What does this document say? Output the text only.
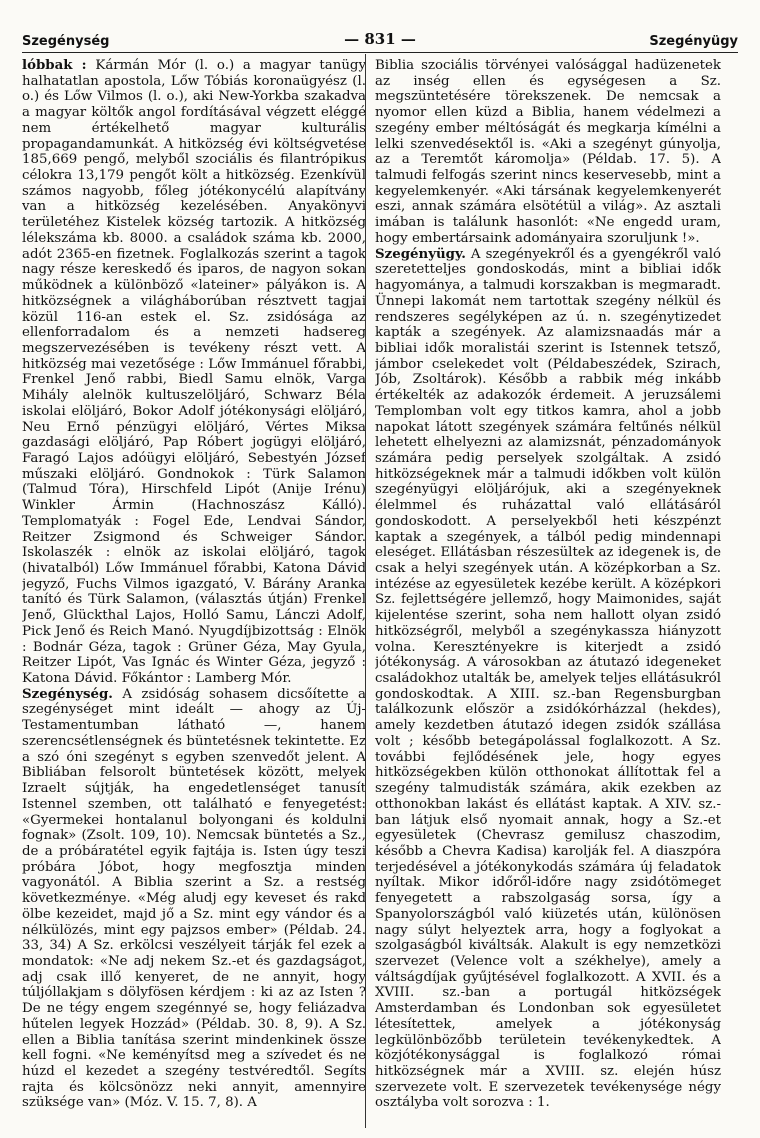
Szegénység	— 831 —	Szegényügy

lóbbak : Kármán Mór (l. o.) a magyar tanügy halhatatlan apostola, Lőw Tóbiás koronaügyész (l. o.) és Lőw Vilmos (l. o.), aki New-Yorkba szakadva a magyar költők angol fordításával végzett eléggé nem értékelhető magyar kulturális propagandamunkát. A hitközség évi költségvetése 185,669 pengő, melyből szociális és filantrópikus célokra 13,179 pengőt költ a hitközség. Ezenkívül számos nagyobb, főleg jótékonycélú alapítvány van a hitközség kezelésében. Anyakönyvi területéhez Kistelek község tartozik. A hitközség lélekszáma kb. 8000. a családok száma kb. 2000, adót 2365-en fizetnek. Foglalkozás szerint a tagok nagy része kereskedő és iparos, de nagyon sokan működnek a különböző «lateiner» pályákon is. A hitközségnek a világháborúban résztvett tagjai közül 116-an estek el. Sz. zsidósága az ellenforradalom és a nemzeti hadsereg megszervezésében is tevékeny részt vett. A hitközség mai vezetősége : Lőw Immánuel főrabbi, Frenkel Jenő rabbi, Biedl Samu elnök, Varga Mihály alelnök kultuszelöljáró, Schwarz Béla iskolai elöljáró, Bokor Adolf jótékonysági elöljáró, Neu Ernő pénzügyi elöljáró, Vértes Miksa gazdasági elöljáró, Pap Róbert jogügyi elöljáró, Faragó Lajos adóügyi elöljáró, Sebestyén József műszaki elöljáró. Gondnokok : Türk Salamon (Talmud Tóra), Hirschfeld Lipót (Anije Irénu) Winkler Ármin (Hachnoszász Kálló). Templomatyák : Fogel Ede, Lendvai Sándor, Reitzer Zsigmond és Schweiger Sándor. Iskolaszék : elnök az iskolai elöljáró, tagok (hivatalból) Lőw Immánuel főrabbi, Katona Dávid jegyző, Fuchs Vilmos igazgató, V. Bárány Aranka tanító és Türk Salamon, (választás útján) Frenkel Jenő, Glückthal Lajos, Holló Samu, Lánczi Adolf, Pick Jenő és Reich Manó. Nyugdíjbizottság : Elnök : Bodnár Géza, tagok : Grüner Géza, May Gyula, Reitzer Lipót, Vas Ignác és Winter Géza, jegyző : Katona Dávid. Főkántor : Lamberg Mór.

Szegénység. A zsidóság sohasem dicsőítette a szegénységet mint ideált — ahogy az Új-Testamentumban látható —, hanem szerencsétlenségnek és büntetésnek tekintette. Ez a szó óni szegényt s egyben szenvedőt jelent. A Bibliában felsorolt büntetések között, melyek Izraelt sújtják, ha engedetlenséget tanusít Istennel szemben, ott található e fenyegetést: «Gyermekei hontalanul bolyongani és koldulni fognak» (Zsolt. 109, 10). Nemcsak büntetés a Sz., de a próbáratétel egyik fajtája is. Isten úgy teszi próbára Jóbot, hogy megfosztja minden vagyonától. A Biblia szerint a Sz. a restség következménye. «Még aludj egy keveset és rakd ölbe kezeidet, majd jő a Sz. mint egy vándor és a nélkülözés, mint egy pajzsos ember» (Példab. 24. 33, 34) A Sz. erkölcsi veszélyeit tárják fel ezek a mondatok: «Ne adj nekem Sz.-et és gazdagságot, adj csak illő kenyeret, de ne annyit, hogy túljóllakjam s dölyfösen kérdjem : ki az az Isten ? De ne tégy engem szegénnyé se, hogy feliázadva hűtelen legyek Hozzád» (Példab. 30. 8, 9). A Sz. ellen a Biblia tanítása szerint mindenkinek össze kell fogni. «Ne keményítsd meg a szívedet és ne húzd el kezedet a szegény testvéredtől. Segíts rajta és kölcsönözz neki annyit, amennyire szüksége van» (Móz. V. 15. 7, 8). A

Biblia szociális törvényei valósággal hadüzenetek az inség ellen és egységesen a Sz. megszüntetésére törekszenek. De nemcsak a nyomor ellen küzd a Biblia, hanem védelmezi a szegény ember méltóságát és megkarja kímélni a lelki szenvedésektől is. «Aki a szegényt gúnyolja, az a Teremtőt káromolja» (Példab. 17. 5). A talmudi felfogás szerint nincs keservesebb, mint a kegyelemkenyér. «Aki társának kegyelemkenyerét eszi, annak számára elsötétül a világ». Az asztali imában is találunk hasonlót: «Ne engedd uram, hogy embertársaink adományaira szoruljunk !».

Szegényügy. A szegényekről és a gyengékről való szeretetteljes gondoskodás, mint a bibliai idők hagyománya, a talmudi korszakban is megmaradt. Ünnepi lakomát nem tartottak szegény nélkül és rendszeres segélyképen az ú. n. szegénytizedet kapták a szegények. Az alamizsnaadás már a bibliai idők moralistái szerint is Istennek tetsző, jámbor cselekedet volt (Példabeszédek, Szirach, Jób, Zsoltárok). Később a rabbik még inkább értékelték az adakozók érdemeit. A jeruzsálemi Templomban volt egy titkos kamra, ahol a jobb napokat látott szegények számára feltűnés nélkül lehetett elhelyezni az alamizsnát, pénzadományok számára pedig perselyek szolgáltak. A zsidó hitközségeknek már a talmudi időkben volt külön szegényügyi elöljárójuk, aki a szegényeknek élelmmel és ruházattal való ellátásáról gondoskodott. A perselyekből heti készpénzt kaptak a szegények, a tálból pedig mindennapi eleséget. Ellátásban részesültek az idegenek is, de csak a helyi szegények után. A középkorban a Sz. intézése az egyesületek kezébe került. A középkori Sz. fejlettségére jellemző, hogy Maimonides, saját kijelentése szerint, soha nem hallott olyan zsidó hitközségről, melyből a szegénykassza hiányzott volna. Keresztényekre is kiterjedt a zsidó jótékonyság. A városokban az átutazó idegeneket családokhoz utalták be, amelyek teljes ellátásukról gondoskodtak. A XIII. sz.-ban Regensburgban találkozunk először a zsidókórházzal (hekdes), amely kezdetben átutazó idegen zsidók szállása volt ; később betegápolással foglalkozott. A Sz. további fejlődésének jele, hogy egyes hitközségekben külön otthonokat állítottak fel a szegény talmudisták számára, akik ezekben az otthonokban lakást és ellátást kaptak. A XIV. sz.-ban látjuk első nyomait annak, hogy a Sz.-et egyesületek (Chevrasz gemilusz chaszodim, később a Chevra Kadisa) karolják fel. A diaszpóra terjedésével a jótékonykodás számára új feladatok nyíltak. Mikor időről-időre nagy zsidótömeget fenyegetett a rabszolgaság sorsa, így a Spanyolországból való kiüzetés után, különösen nagy súlyt helyeztek arra, hogy a foglyokat a szolgaságból kiváltsák. Alakult is egy nemzetközi szervezet (Velence volt a székhelye), amely a váltságdíjak gyűjtésével foglalkozott. A XVII. és a XVIII. sz.-ban a portugál hitközségek Amsterdamban és Londonban sok egyesületet létesítettek, amelyek a jótékonyság legkülönbözőbb területein tevékenykedtek. A közjótékonysággal is foglalkozó római hitközségnek már a XVIII. sz. elején húsz szervezete volt. E szervezetek tevékenysége négy osztályba volt sorozva : 1.
